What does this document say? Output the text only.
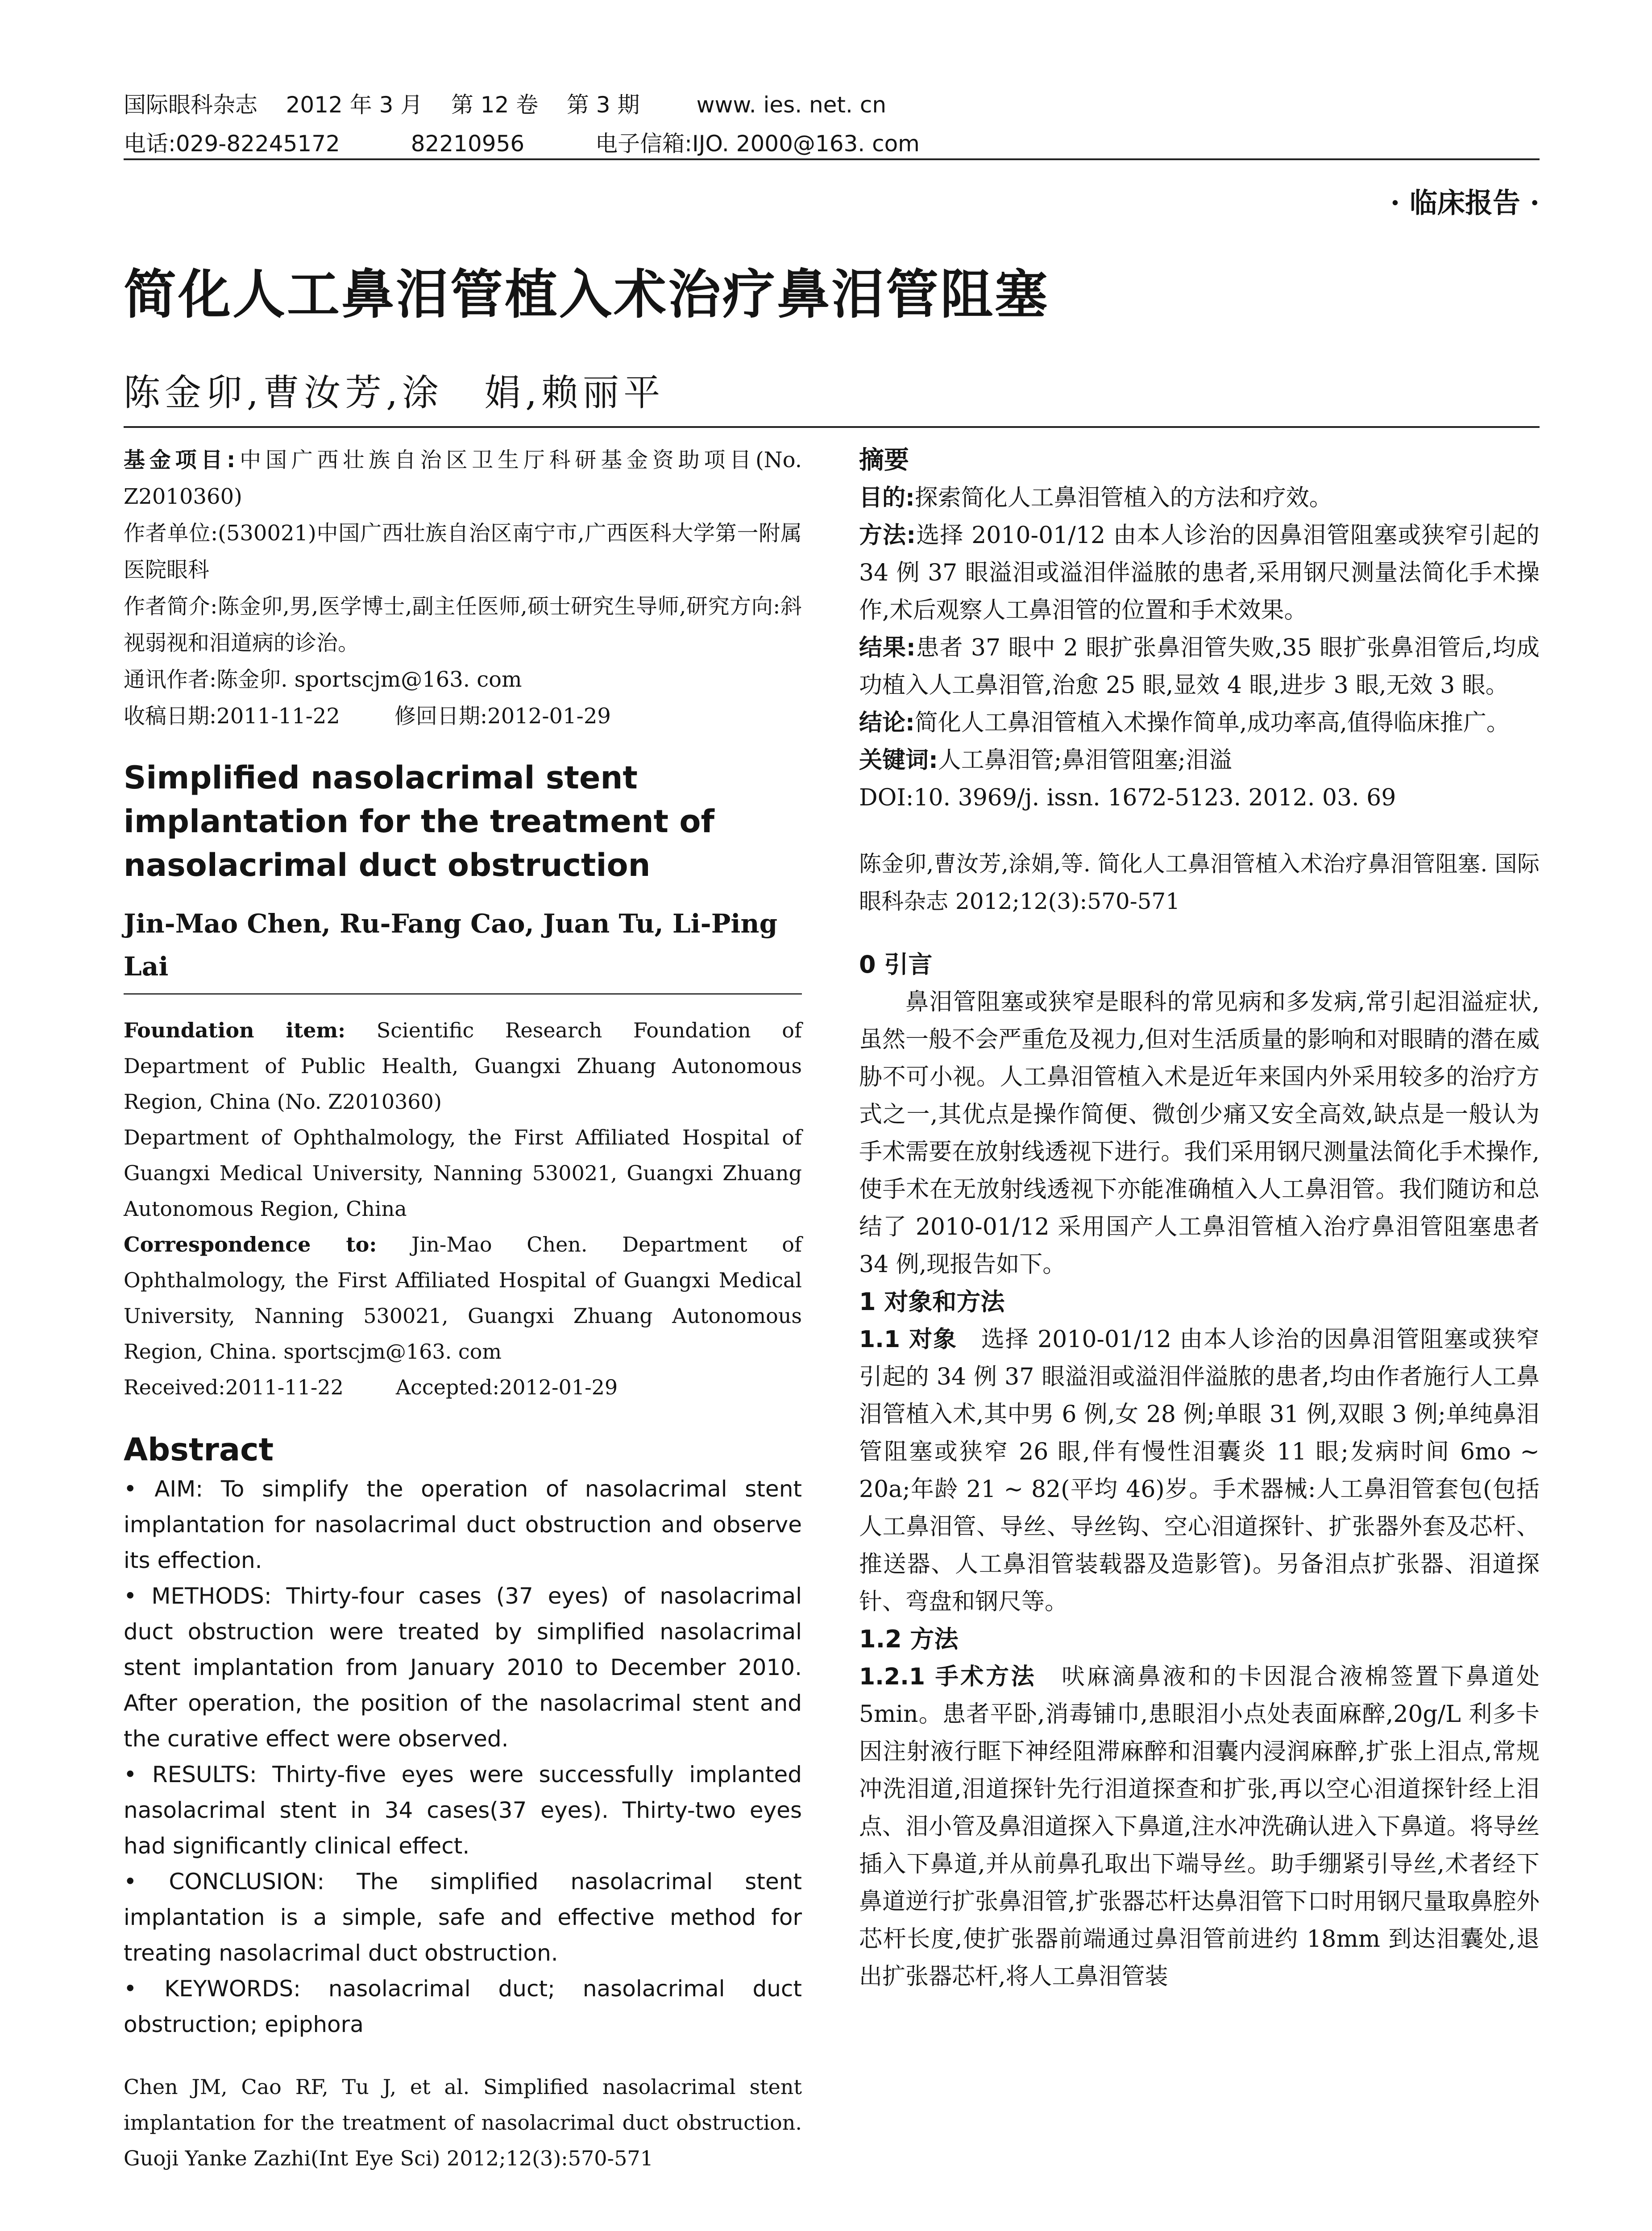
国际眼科杂志    2012 年 3 月    第 12 卷    第 3 期        www. ies. net. cn
电话:029-82245172          82210956          电子信箱:IJO. 2000@163. com
· 临床报告 ·
简化人工鼻泪管植入术治疗鼻泪管阻塞
陈金卯,曹汝芳,涂　娟,赖丽平
基金项目:中国广西壮族自治区卫生厅科研基金资助项目(No. Z2010360)
作者单位:(530021)中国广西壮族自治区南宁市,广西医科大学第一附属医院眼科
作者简介:陈金卯,男,医学博士,副主任医师,硕士研究生导师,研究方向:斜视弱视和泪道病的诊治。
通讯作者:陈金卯. sportscjm@163. com
收稿日期:2011-11-22        修回日期:2012-01-29
Simplified nasolacrimal stent implantation for the treatment of nasolacrimal duct obstruction
Jin-Mao Chen, Ru-Fang Cao, Juan Tu, Li-Ping Lai
Foundation item: Scientific Research Foundation of Department of Public Health, Guangxi Zhuang Autonomous Region, China (No. Z2010360)
Department of Ophthalmology, the First Affiliated Hospital of Guangxi Medical University, Nanning 530021, Guangxi Zhuang Autonomous Region, China
Correspondence to: Jin-Mao Chen. Department of Ophthalmology, the First Affiliated Hospital of Guangxi Medical University, Nanning 530021, Guangxi Zhuang Autonomous Region, China. sportscjm@163. com
Received:2011-11-22        Accepted:2012-01-29
Abstract
• AIM: To simplify the operation of nasolacrimal stent implantation for nasolacrimal duct obstruction and observe its effection.
• METHODS: Thirty-four cases (37 eyes) of nasolacrimal duct obstruction were treated by simplified nasolacrimal stent implantation from January 2010 to December 2010. After operation, the position of the nasolacrimal stent and the curative effect were observed.
• RESULTS: Thirty-five eyes were successfully implanted nasolacrimal stent in 34 cases(37 eyes). Thirty-two eyes had significantly clinical effect.
• CONCLUSION: The simplified nasolacrimal stent implantation is a simple, safe and effective method for treating nasolacrimal duct obstruction.
• KEYWORDS: nasolacrimal duct; nasolacrimal duct obstruction; epiphora
Chen JM, Cao RF, Tu J, et al. Simplified nasolacrimal stent implantation for the treatment of nasolacrimal duct obstruction. Guoji Yanke Zazhi(Int Eye Sci) 2012;12(3):570-571
摘要
目的:探索简化人工鼻泪管植入的方法和疗效。
方法:选择 2010-01/12 由本人诊治的因鼻泪管阻塞或狭窄引起的 34 例 37 眼溢泪或溢泪伴溢脓的患者,采用钢尺测量法简化手术操作,术后观察人工鼻泪管的位置和手术效果。
结果:患者 37 眼中 2 眼扩张鼻泪管失败,35 眼扩张鼻泪管后,均成功植入人工鼻泪管,治愈 25 眼,显效 4 眼,进步 3 眼,无效 3 眼。
结论:简化人工鼻泪管植入术操作简单,成功率高,值得临床推广。
关键词:人工鼻泪管;鼻泪管阻塞;泪溢
DOI:10. 3969/j. issn. 1672-5123. 2012. 03. 69
陈金卯,曹汝芳,涂娟,等. 简化人工鼻泪管植入术治疗鼻泪管阻塞. 国际眼科杂志 2012;12(3):570-571
0 引言
鼻泪管阻塞或狭窄是眼科的常见病和多发病,常引起泪溢症状,虽然一般不会严重危及视力,但对生活质量的影响和对眼睛的潜在威胁不可小视。人工鼻泪管植入术是近年来国内外采用较多的治疗方式之一,其优点是操作简便、微创少痛又安全高效,缺点是一般认为手术需要在放射线透视下进行。我们采用钢尺测量法简化手术操作,使手术在无放射线透视下亦能准确植入人工鼻泪管。我们随访和总结了 2010-01/12 采用国产人工鼻泪管植入治疗鼻泪管阻塞患者 34 例,现报告如下。
1 对象和方法
1.1 对象　 选择 2010-01/12 由本人诊治的因鼻泪管阻塞或狭窄引起的 34 例 37 眼溢泪或溢泪伴溢脓的患者,均由作者施行人工鼻泪管植入术,其中男 6 例,女 28 例;单眼 31 例,双眼 3 例;单纯鼻泪管阻塞或狭窄 26 眼,伴有慢性泪囊炎 11 眼;发病时间 6mo ~ 20a;年龄 21 ~ 82(平均 46)岁。手术器械:人工鼻泪管套包(包括人工鼻泪管、导丝、导丝钩、空心泪道探针、扩张器外套及芯杆、推送器、人工鼻泪管装载器及造影管)。另备泪点扩张器、泪道探针、弯盘和钢尺等。
1.2 方法
1.2.1 手术方法　 吠麻滴鼻液和的卡因混合液棉签置下鼻道处 5min。患者平卧,消毒铺巾,患眼泪小点处表面麻醉,20g/L 利多卡因注射液行眶下神经阻滞麻醉和泪囊内浸润麻醉,扩张上泪点,常规冲洗泪道,泪道探针先行泪道探查和扩张,再以空心泪道探针经上泪点、泪小管及鼻泪道探入下鼻道,注水冲洗确认进入下鼻道。将导丝插入下鼻道,并从前鼻孔取出下端导丝。助手绷紧引导丝,术者经下鼻道逆行扩张鼻泪管,扩张器芯杆达鼻泪管下口时用钢尺量取鼻腔外芯杆长度,使扩张器前端通过鼻泪管前进约 18mm 到达泪囊处,退出扩张器芯杆,将人工鼻泪管装
